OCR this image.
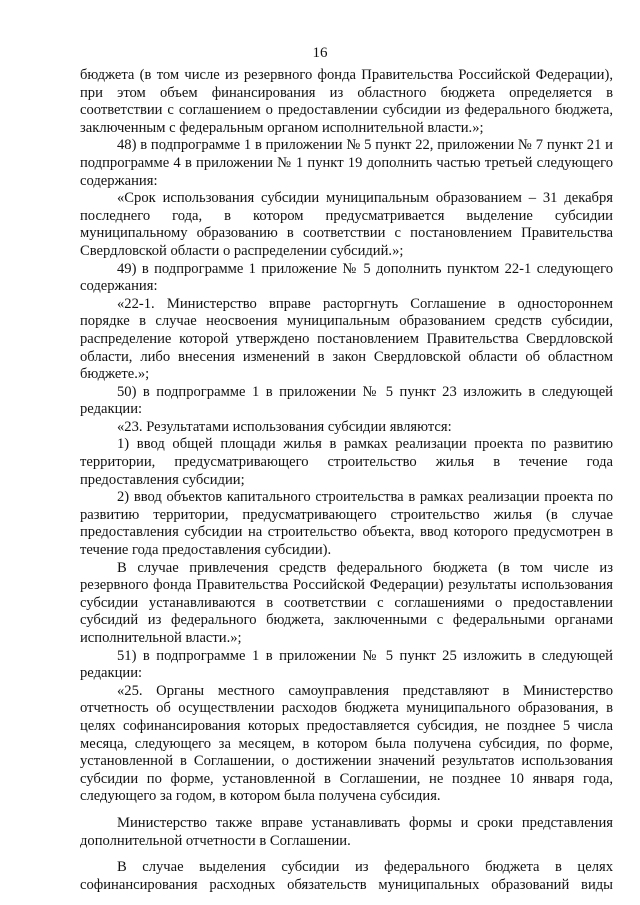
16

бюджета (в том числе из резервного фонда Правительства Российской Федерации), при этом объем финансирования из областного бюджета определяется в соответствии с соглашением о предоставлении субсидии из федерального бюджета, заключенным с федеральным органом исполнительной власти.»;

48) в подпрограмме 1 в приложении № 5 пункт 22, приложении № 7 пункт 21 и подпрограмме 4 в приложении № 1 пункт 19 дополнить частью третьей следующего содержания:

«Срок использования субсидии муниципальным образованием – 31 декабря последнего года, в котором предусматривается выделение субсидии муниципальному образованию в соответствии с постановлением Правительства Свердловской области о распределении субсидий.»;

49) в подпрограмме 1 приложение № 5 дополнить пунктом 22-1 следующего содержания:

«22-1. Министерство вправе расторгнуть Соглашение в одностороннем порядке в случае неосвоения муниципальным образованием средств субсидии, распределение которой утверждено постановлением Правительства Свердловской области, либо внесения изменений в закон Свердловской области об областном бюджете.»;

50) в подпрограмме 1 в приложении № 5 пункт 23 изложить в следующей редакции:

«23. Результатами использования субсидии являются:

1) ввод общей площади жилья в рамках реализации проекта по развитию территории, предусматривающего строительство жилья в течение года предоставления субсидии;

2) ввод объектов капитального строительства в рамках реализации проекта по развитию территории, предусматривающего строительство жилья (в случае предоставления субсидии на строительство объекта, ввод которого предусмотрен в течение года предоставления субсидии).

В случае привлечения средств федерального бюджета (в том числе из резервного фонда Правительства Российской Федерации) результаты использования субсидии устанавливаются в соответствии с соглашениями о предоставлении субсидий из федерального бюджета, заключенными с федеральными органами исполнительной власти.»;

51) в подпрограмме 1 в приложении № 5 пункт 25 изложить в следующей редакции:

«25. Органы местного самоуправления представляют в Министерство отчетность об осуществлении расходов бюджета муниципального образования, в целях софинансирования которых предоставляется субсидия, не позднее 5 числа месяца, следующего за месяцем, в котором была получена субсидия, по форме, установленной в Соглашении, о достижении значений результатов использования субсидии по форме, установленной в Соглашении, не позднее 10 января года, следующего за годом, в котором была получена субсидия.

Министерство также вправе устанавливать формы и сроки представления дополнительной отчетности в Соглашении.

В случае выделения субсидии из федерального бюджета в целях софинансирования расходных обязательств муниципальных образований виды
